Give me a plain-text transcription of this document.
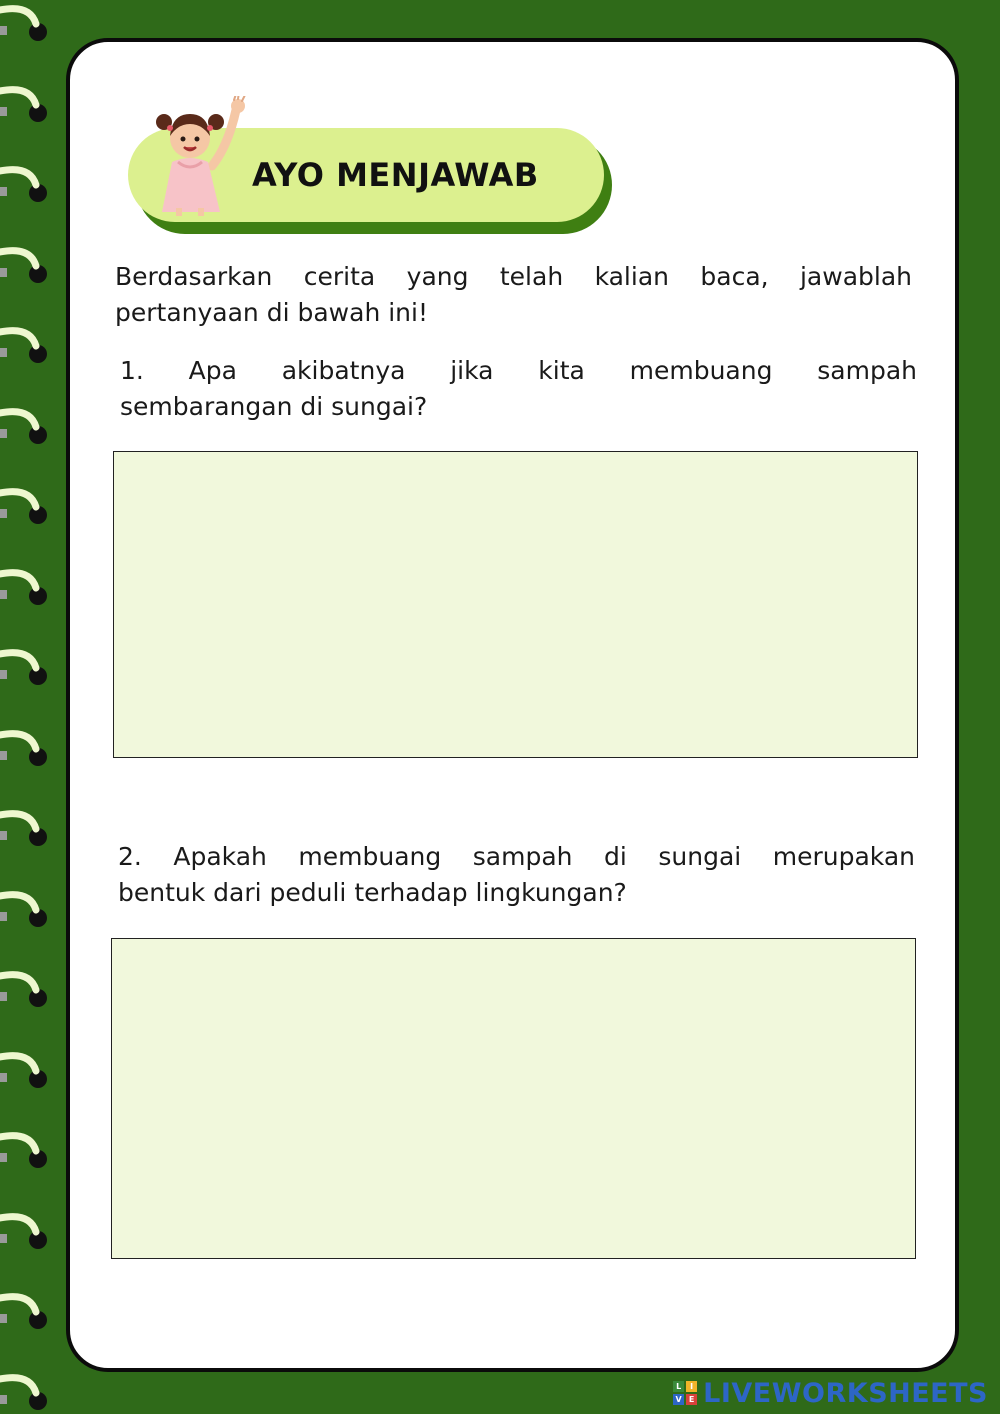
AYO MENJAWAB
Berdasarkan cerita yang telah kalian baca, jawablah
pertanyaan di bawah ini!
1. Apa akibatnya jika kita membuang sampah
sembarangan di sungai?
2. Apakah membuang sampah di sungai merupakan
bentuk dari peduli terhadap lingkungan?
L	I
V E LIVEWORKSHEETS
